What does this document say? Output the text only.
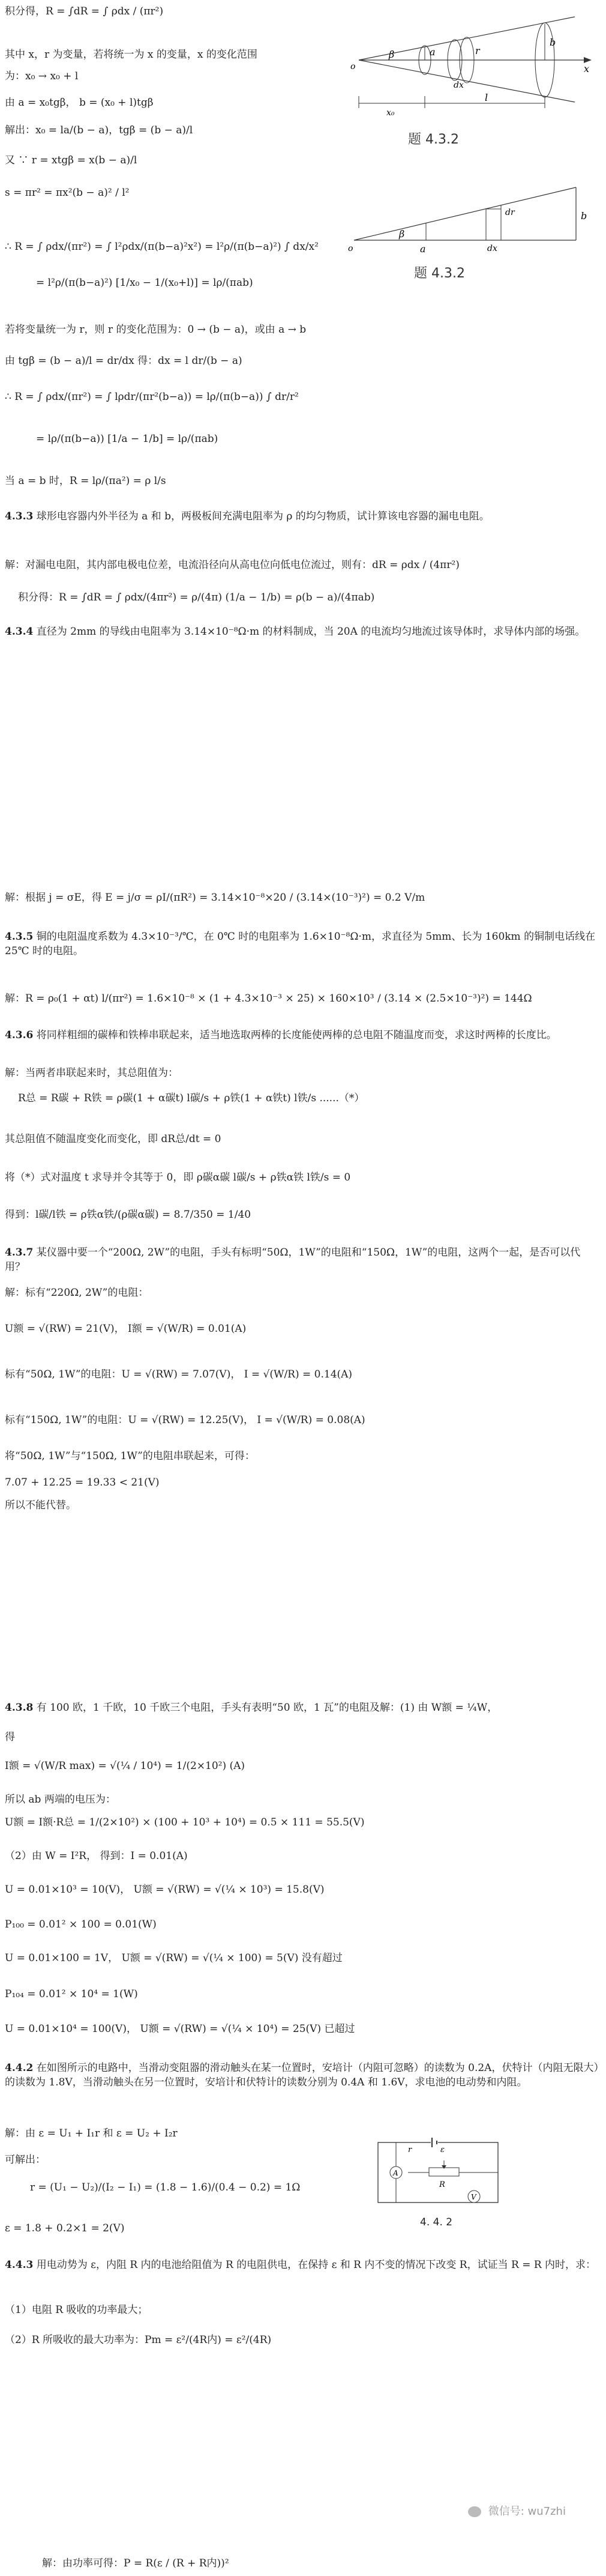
积分得，R = ∫dR = ∫ ρdx / (πr²)
其中 x，r 为变量，若将统一为 x 的变量，x 的变化范围
为：x₀ → x₀ + l
由 a = x₀tgβ， b = (x₀ + l)tgβ
解出：x₀ = la/(b − a)，tgβ = (b − a)/l
又 ∵ r = xtgβ = x(b − a)/l
s = πr² = πx²(b − a)² / l²
∴ R = ∫ ρdx/(πr²) = ∫ l²ρdx/(π(b−a)²x²) = l²ρ/(π(b−a)²) ∫ dx/x²
= l²ρ/(π(b−a)²) [1/x₀ − 1/(x₀+l)] = lρ/(πab)
若将变量统一为 r，则 r 的变化范围为：0 → (b − a)，或由 a → b
由 tgβ = (b − a)/l = dr/dx 得：dx = l dr/(b − a)
∴ R = ∫ ρdx/(πr²) = ∫ lρdr/(πr²(b−a)) = lρ/(π(b−a)) ∫ dr/r²
= lρ/(π(b−a)) [1/a − 1/b] = lρ/(πab)
当 a = b 时，R = lρ/(πa²) = ρ l/s
β	a
b
r
x
x₀
l
dx
o
题 4.3.2
o
β
a
dr
dx
b
题 4.3.2
4.3.3 球形电容器内外半径为 a 和 b，两极板间充满电阻率为 ρ 的均匀物质，试计算该电容器的漏电电阻。
解：对漏电电阻，其内部电极电位差，电流沿径向从高电位向低电位流过，则有：dR = ρdx / (4πr²)
积分得：R = ∫dR = ∫ ρdx/(4πr²) = ρ/(4π) (1/a − 1/b) = ρ(b − a)/(4πab)
4.3.4 直径为 2mm 的导线由电阻率为 3.14×10⁻⁸Ω·m 的材料制成，当 20A 的电流均匀地流过该导体时，求导体内部的场强。
解：根据 j = σE，得 E = j/σ = ρI/(πR²) = 3.14×10⁻⁸×20 / (3.14×(10⁻³)²) = 0.2 V/m
4.3.5 铜的电阻温度系数为 4.3×10⁻³/℃，在 0℃ 时的电阻率为 1.6×10⁻⁸Ω·m，求直径为 5mm、长为 160km 的铜制电话线在 25℃ 时的电阻。
解：R = ρ₀(1 + αt) l/(πr²) = 1.6×10⁻⁸ × (1 + 4.3×10⁻³ × 25) × 160×10³ / (3.14 × (2.5×10⁻³)²) = 144Ω
4.3.6 将同样粗细的碳棒和铁棒串联起来，适当地选取两棒的长度能使两棒的总电阻不随温度而变，求这时两棒的长度比。
解：当两者串联起来时，其总阻值为：
R总 = R碳 + R铁 = ρ碳(1 + α碳t) l碳/s + ρ铁(1 + α铁t) l铁/s ......（*）
其总阻值不随温度变化而变化，即 dR总/dt = 0
将（*）式对温度 t 求导并令其等于 0，即 ρ碳α碳 l碳/s + ρ铁α铁 l铁/s = 0
得到：l碳/l铁 = ρ铁α铁/(ρ碳α碳) = 8.7/350 = 1/40
4.3.7 某仪器中要一个“200Ω, 2W”的电阻，手头有标明“50Ω，1W”的电阻和“150Ω，1W”的电阻，这两个一起，是否可以代用？
解：标有“220Ω, 2W”的电阻：
U额 = √(RW) = 21(V)， I额 = √(W/R) = 0.01(A)
标有“50Ω, 1W”的电阻：U = √(RW) = 7.07(V)， I = √(W/R) = 0.14(A)
标有“150Ω, 1W”的电阻：U = √(RW) = 12.25(V)， I = √(W/R) = 0.08(A)
将“50Ω, 1W”与“150Ω, 1W”的电阻串联起来，可得：
7.07 + 12.25 = 19.33 < 21(V)
所以不能代替。
4.3.8 有 100 欧，1 千欧，10 千欧三个电阻，手头有表明“50 欧，1 瓦”的电阻及解：(1) 由 W额 = ¼W，
得
I额 = √(W/R max) = √(¼ / 10⁴) = 1/(2×10²) (A)
所以 ab 两端的电压为：
U额 = I额·R总 = 1/(2×10²) × (100 + 10³ + 10⁴) = 0.5 × 111 = 55.5(V)
（2）由 W = I²R， 得到：I = 0.01(A)
U = 0.01×10³ = 10(V)， U额 = √(RW) = √(¼ × 10³) = 15.8(V)
P₁₀₀ = 0.01² × 100 = 0.01(W)
U = 0.01×100 = 1V， U额 = √(RW) = √(¼ × 100) = 5(V) 没有超过
P₁₀₄ = 0.01² × 10⁴ = 1(W)
U = 0.01×10⁴ = 100(V)， U额 = √(RW) = √(¼ × 10⁴) = 25(V) 已超过
4.4.2 在如图所示的电路中，当滑动变阻器的滑动触头在某一位置时，安培计（内阻可忽略）的读数为 0.2A，伏特计（内阻无限大）的读数为 1.8V，当滑动触头在另一位置时，安培计和伏特计的读数分别为 0.4A 和 1.6V，求电池的电动势和内阻。
解：由 ε = U₁ + I₁r 和 ε = U₂ + I₂r
可解出：
r = (U₁ − U₂)/(I₂ − I₁) = (1.8 − 1.6)/(0.4 − 0.2) = 1Ω
ε = 1.8 + 0.2×1 = 2(V)
ε
r
A
R
V
4. 4. 2
4.4.3 用电动势为 ε，内阻 R 内的电池给阻值为 R 的电阻供电，在保持 ε 和 R 内不变的情况下改变 R，试证当 R = R 内时，求：
（1）电阻 R 吸收的功率最大；
（2）R 所吸收的最大功率为：Pm = ε²/(4R内) = ε²/(4R)
微信号: wu7zhi
解：由功率可得：P = R(ε / (R + R内))²
